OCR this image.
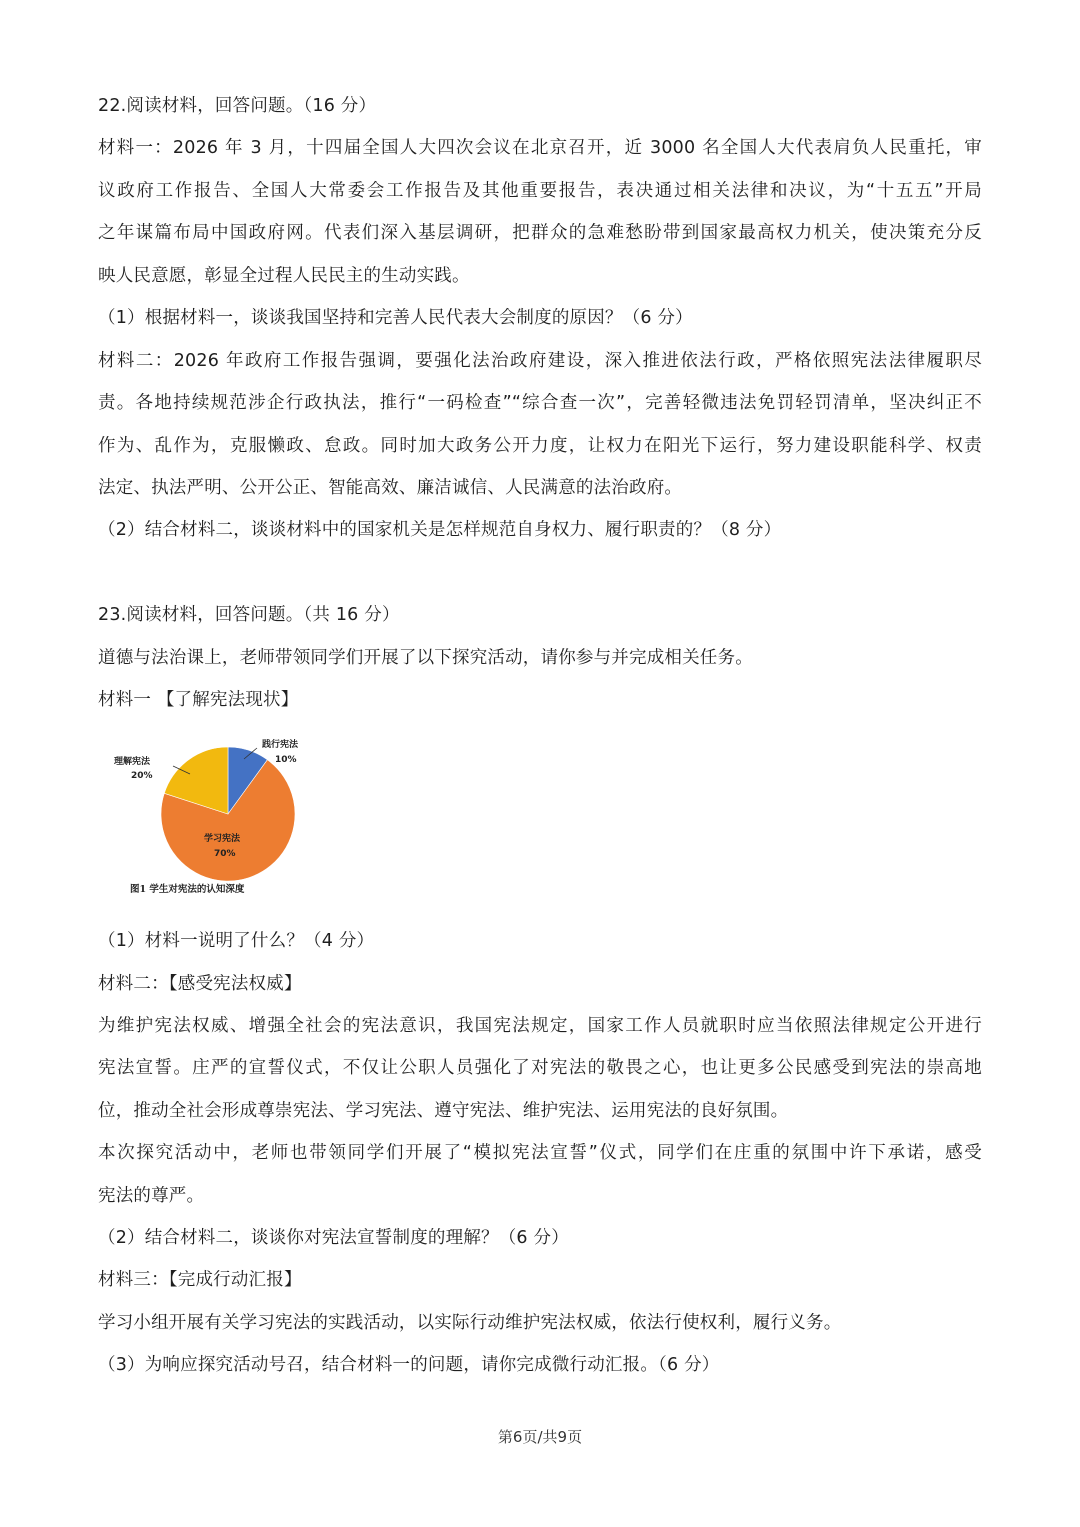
22.阅读材料，回答问题。（16 分）
材料一：2026 年 3 月，十四届全国人大四次会议在北京召开，近 3000 名全国人大代表肩负人民重托，审
议政府工作报告、全国人大常委会工作报告及其他重要报告，表决通过相关法律和决议，为“十五五”开局
之年谋篇布局中国政府网。代表们深入基层调研，把群众的急难愁盼带到国家最高权力机关，使决策充分反
映人民意愿，彰显全过程人民民主的生动实践。
（1）根据材料一，谈谈我国坚持和完善人民代表大会制度的原因？（6 分）
材料二：2026 年政府工作报告强调，要强化法治政府建设，深入推进依法行政，严格依照宪法法律履职尽
责。各地持续规范涉企行政执法，推行“一码检查”“综合查一次”，完善轻微违法免罚轻罚清单，坚决纠正不
作为、乱作为，克服懒政、怠政。同时加大政务公开力度，让权力在阳光下运行，努力建设职能科学、权责
法定、执法严明、公开公正、智能高效、廉洁诚信、人民满意的法治政府。
（2）结合材料二，谈谈材料中的国家机关是怎样规范自身权力、履行职责的？（8 分）
23.阅读材料，回答问题。（共 16 分）
道德与法治课上，老师带领同学们开展了以下探究活动，请你参与并完成相关任务。
材料一 【了解宪法现状】
践行宪法
10%
学习宪法
70%
理解宪法
20%
图1 学生对宪法的认知深度
（1）材料一说明了什么？（4 分）
材料二：【感受宪法权威】
为维护宪法权威、增强全社会的宪法意识，我国宪法规定，国家工作人员就职时应当依照法律规定公开进行
宪法宣誓。庄严的宣誓仪式，不仅让公职人员强化了对宪法的敬畏之心，也让更多公民感受到宪法的崇高地
位，推动全社会形成尊崇宪法、学习宪法、遵守宪法、维护宪法、运用宪法的良好氛围。
本次探究活动中，老师也带领同学们开展了“模拟宪法宣誓”仪式，同学们在庄重的氛围中许下承诺，感受
宪法的尊严。
（2）结合材料二，谈谈你对宪法宣誓制度的理解？（6 分）
材料三：【完成行动汇报】
学习小组开展有关学习宪法的实践活动，以实际行动维护宪法权威，依法行使权利，履行义务。
（3）为响应探究活动号召，结合材料一的问题，请你完成微行动汇报。（6 分）
第6页/共9页
